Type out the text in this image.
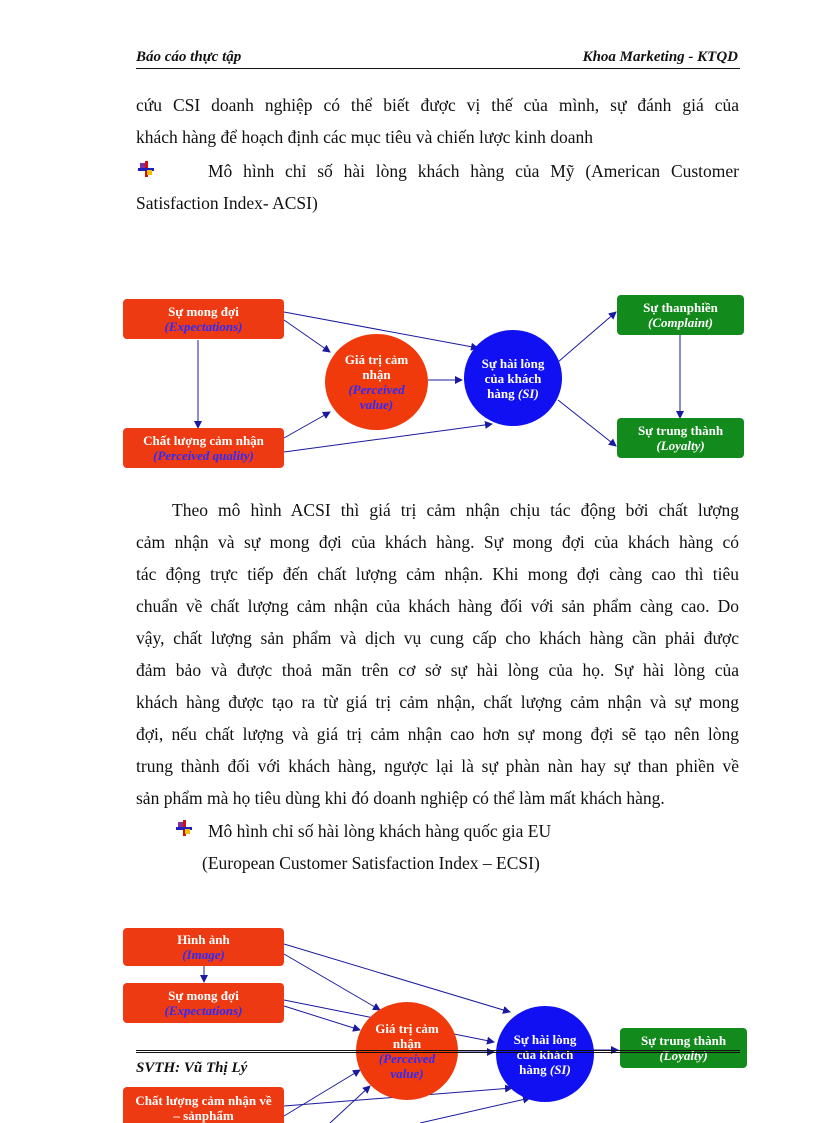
Báo cáo thực tập	Khoa Marketing - KTQD
cứu CSI doanh nghiệp có thể biết được vị thế của mình, sự đánh giá của
khách hàng để hoạch định các mục tiêu và chiến lược kinh doanh
Mô hình chỉ số hài lòng khách hàng của Mỹ (American Customer
Satisfaction Index- ACSI)
Sự mong đợi
(Expectations)
Chất lượng cảm nhận
(Perceived quality)
Giá trị cảm
nhận
(Perceived
value)
Sự hài lòng
của khách
hàng (SI)
Sự thanphiền
(Complaint)
Sự trung thành
(Loyalty)
Theo mô hình ACSI thì giá trị cảm nhận chịu tác động bởi chất lượng
cảm nhận và sự mong đợi của khách hàng. Sự mong đợi của khách hàng có
tác động trực tiếp đến chất lượng cảm nhận. Khi mong đợi càng cao thì tiêu
chuẩn về chất lượng cảm nhận của khách hàng đối với sản phẩm càng cao. Do
vậy, chất lượng sản phẩm và dịch vụ cung cấp cho khách hàng cần phải được
đảm bảo và được thoả mãn trên cơ sở sự hài lòng của họ. Sự hài lòng của
khách hàng được tạo ra từ giá trị cảm nhận, chất lượng cảm nhận và sự mong
đợi, nếu chất lượng và giá trị cảm nhận cao hơn sự mong đợi sẽ tạo nên lòng
trung thành đối với khách hàng, ngược lại là sự phàn nàn hay sự than phiền về
sản phẩm mà họ tiêu dùng khi đó doanh nghiệp có thể làm mất khách hàng.
Mô hình chỉ số hài lòng khách hàng quốc gia EU
(European Customer Satisfaction Index – ECSI)
Hình ảnh
(Image)
Sự mong đợi
(Expectations)
Giá trị cảm
nhận
(Perceived
value)
Sự hài lòng
của khách
hàng (SI)
Sự trung thành
(Loyalty)
Chất lượng cảm nhận về
– sảnphẩm
SVTH: Vũ Thị Lý
